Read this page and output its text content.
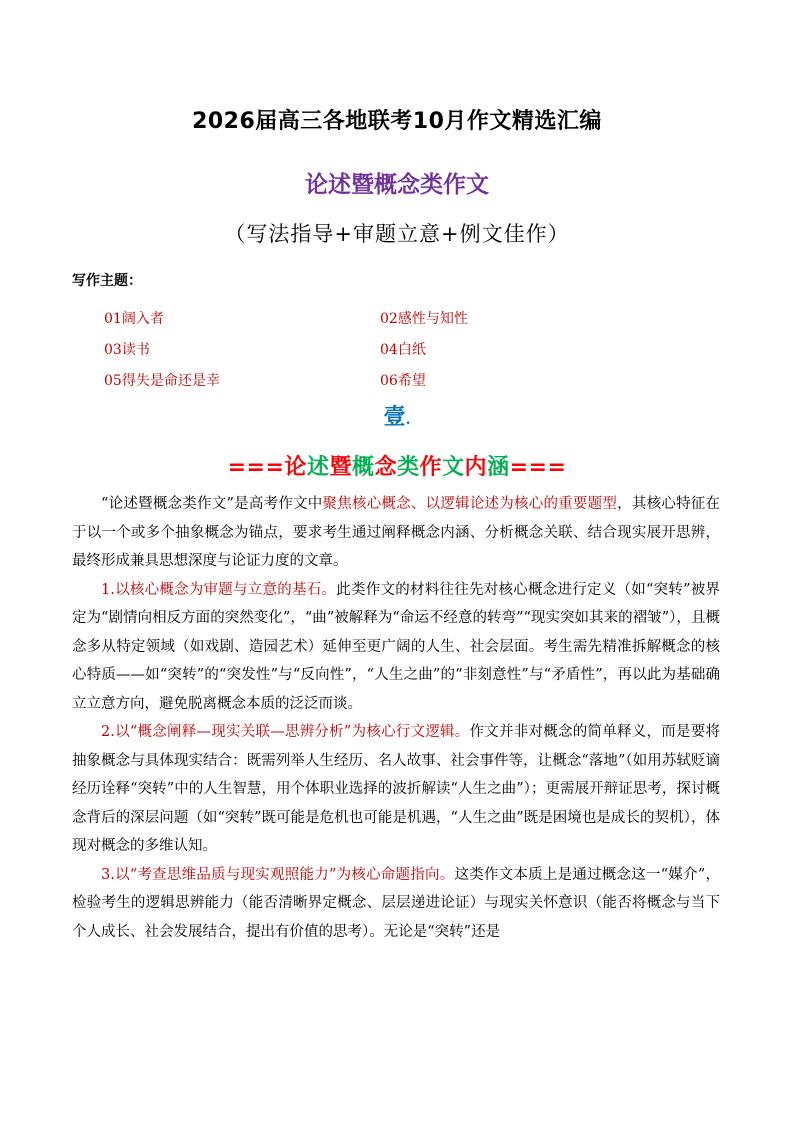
2026届高三各地联考10月作文精选汇编
论述暨概念类作文
（写法指导+审题立意+例文佳作）
写作主题：
01阔入者	02感性与知性
03读书	04白纸
05得失是命还是幸	06希望
壹.
===论述暨概念类作文内涵===

“论述暨概念类作文”是高考作文中聚焦核心概念、以逻辑论述为核心的重要题型，其核心特征在于以一个或多个抽象概念为锚点，要求考生通过阐释概念内涵、分析概念关联、结合现实展开思辨，最终形成兼具思想深度与论证力度的文章。

1.以核心概念为审题与立意的基石。此类作文的材料往往先对核心概念进行定义（如“突转”被界定为“剧情向相反方面的突然变化”，“曲”被解释为“命运不经意的转弯”“现实突如其来的褶皱”），且概念多从特定领域（如戏剧、造园艺术）延伸至更广阔的人生、社会层面。考生需先精准拆解概念的核心特质——如“突转”的“突发性”与“反向性”，“人生之曲”的“非刻意性”与“矛盾性”，再以此为基础确立立意方向，避免脱离概念本质的泛泛而谈。

2.以“概念阐释—现实关联—思辨分析”为核心行文逻辑。作文并非对概念的简单释义，而是要将抽象概念与具体现实结合：既需列举人生经历、名人故事、社会事件等，让概念“落地”（如用苏轼贬谪经历诠释“突转”中的人生智慧，用个体职业选择的波折解读“人生之曲”）；更需展开辩证思考，探讨概念背后的深层问题（如“突转”既可能是危机也可能是机遇，“人生之曲”既是困境也是成长的契机），体现对概念的多维认知。

3.以“考查思维品质与现实观照能力”为核心命题指向。这类作文本质上是通过概念这一“媒介”，检验考生的逻辑思辨能力（能否清晰界定概念、层层递进论证）与现实关怀意识（能否将概念与当下个人成长、社会发展结合，提出有价值的思考）。无论是“突转”还是
